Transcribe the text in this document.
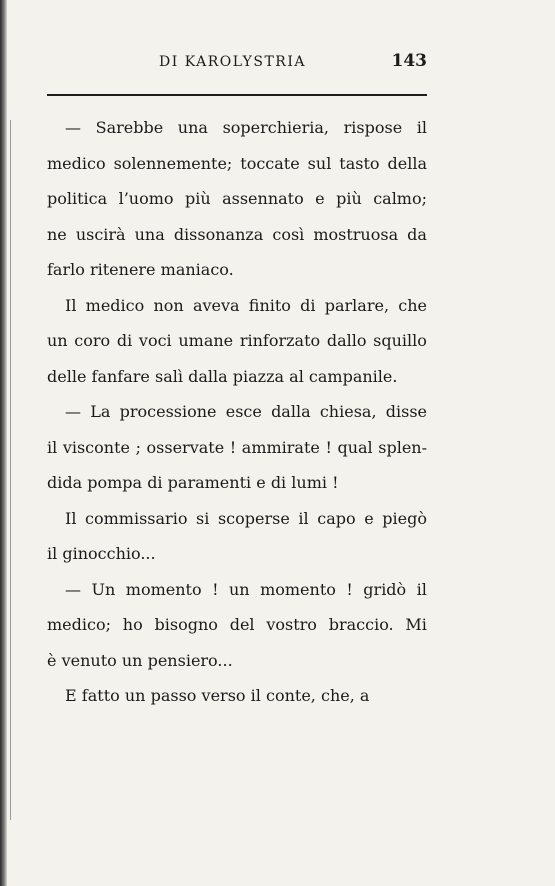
DI KAROLYSTRIA	143
— Sarebbe una soperchieria, rispose il
medico solennemente; toccate sul tasto della
politica l’uomo più assennato e più calmo;
ne uscirà una dissonanza così mostruosa da
farlo ritenere maniaco.
Il medico non aveva finito di parlare, che
un coro di voci umane rinforzato dallo squillo
delle fanfare salì dalla piazza al campanile.
— La processione esce dalla chiesa, disse
il visconte ; osservate ! ammirate ! qual splen-
dida pompa di paramenti e di lumi !
Il commissario si scoperse il capo e piegò
il ginocchio...
— Un momento ! un momento ! gridò il
medico; ho bisogno del vostro braccio. Mi
è venuto un pensiero...
E fatto un passo verso il conte, che, a
